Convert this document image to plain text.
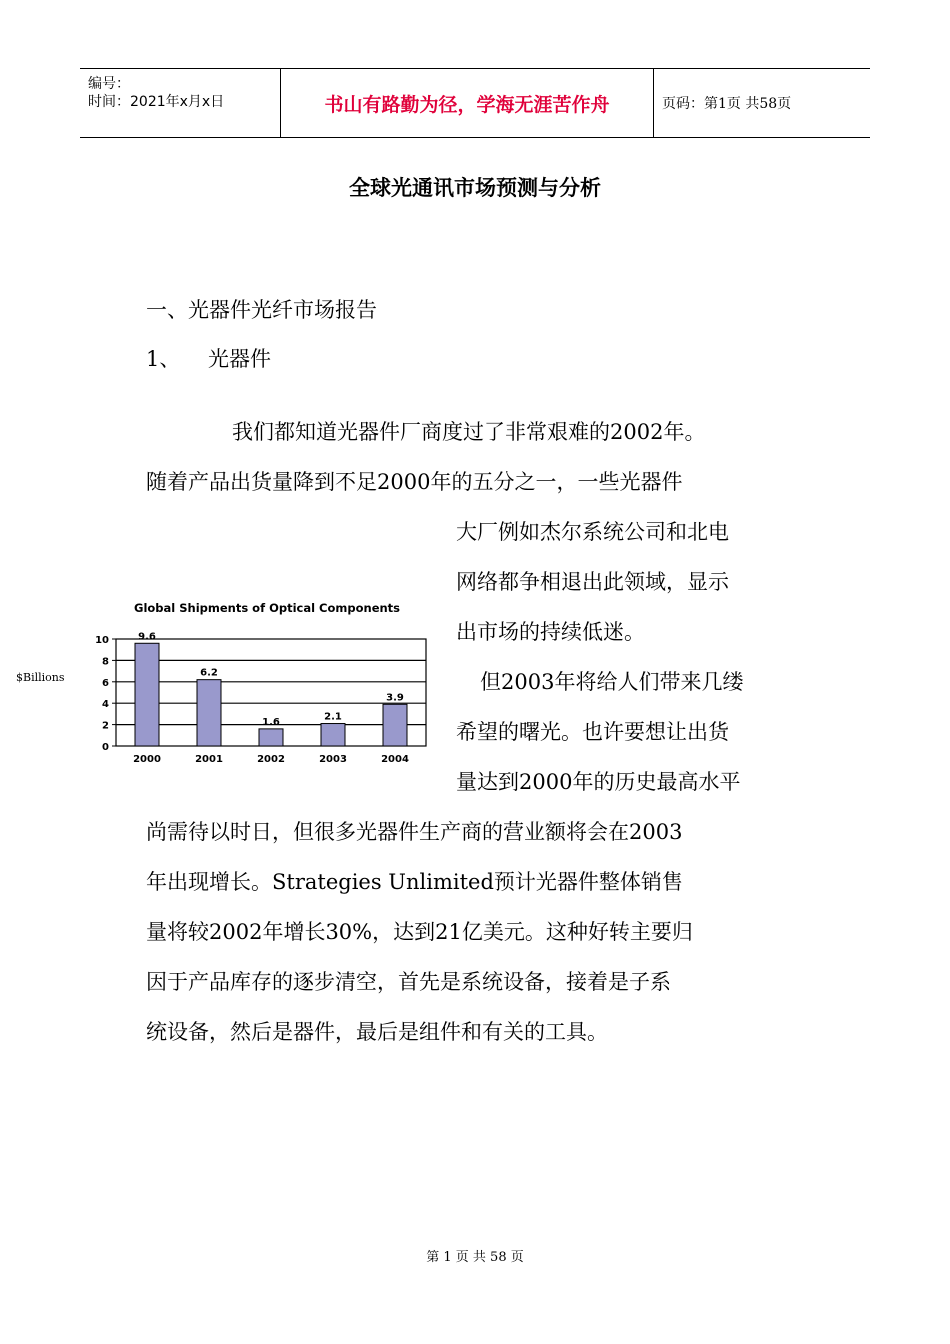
编号：
时间：2021年x月x日	书山有路勤为径，学海无涯苦作舟	页码：第1页 共58页
全球光通讯市场预测与分析
一、光器件光纤市场报告
1、 光器件
我们都知道光器件厂商度过了非常艰难的2002年。
随着产品出货量降到不足2000年的五分之一，一些光器件
大厂例如杰尔系统公司和北电
网络都争相退出此领域，显示
出市场的持续低迷。
但2003年将给人们带来几缕
希望的曙光。也许要想让出货
量达到2000年的历史最高水平
尚需待以时日，但很多光器件生产商的营业额将会在2003
年出现增长。Strategies Unlimited预计光器件整体销售
量将较2002年增长30%，达到21亿美元。这种好转主要归
因于产品库存的逐步清空，首先是系统设备，接着是子系
统设备，然后是器件，最后是组件和有关的工具。
Global Shipments of Optical Components
$Billions
0
2
4
6
8
10	9.6
2000
6.2
2001
1.6
2002
2.1
2003
3.9
2004
第 1 页 共 58 页
